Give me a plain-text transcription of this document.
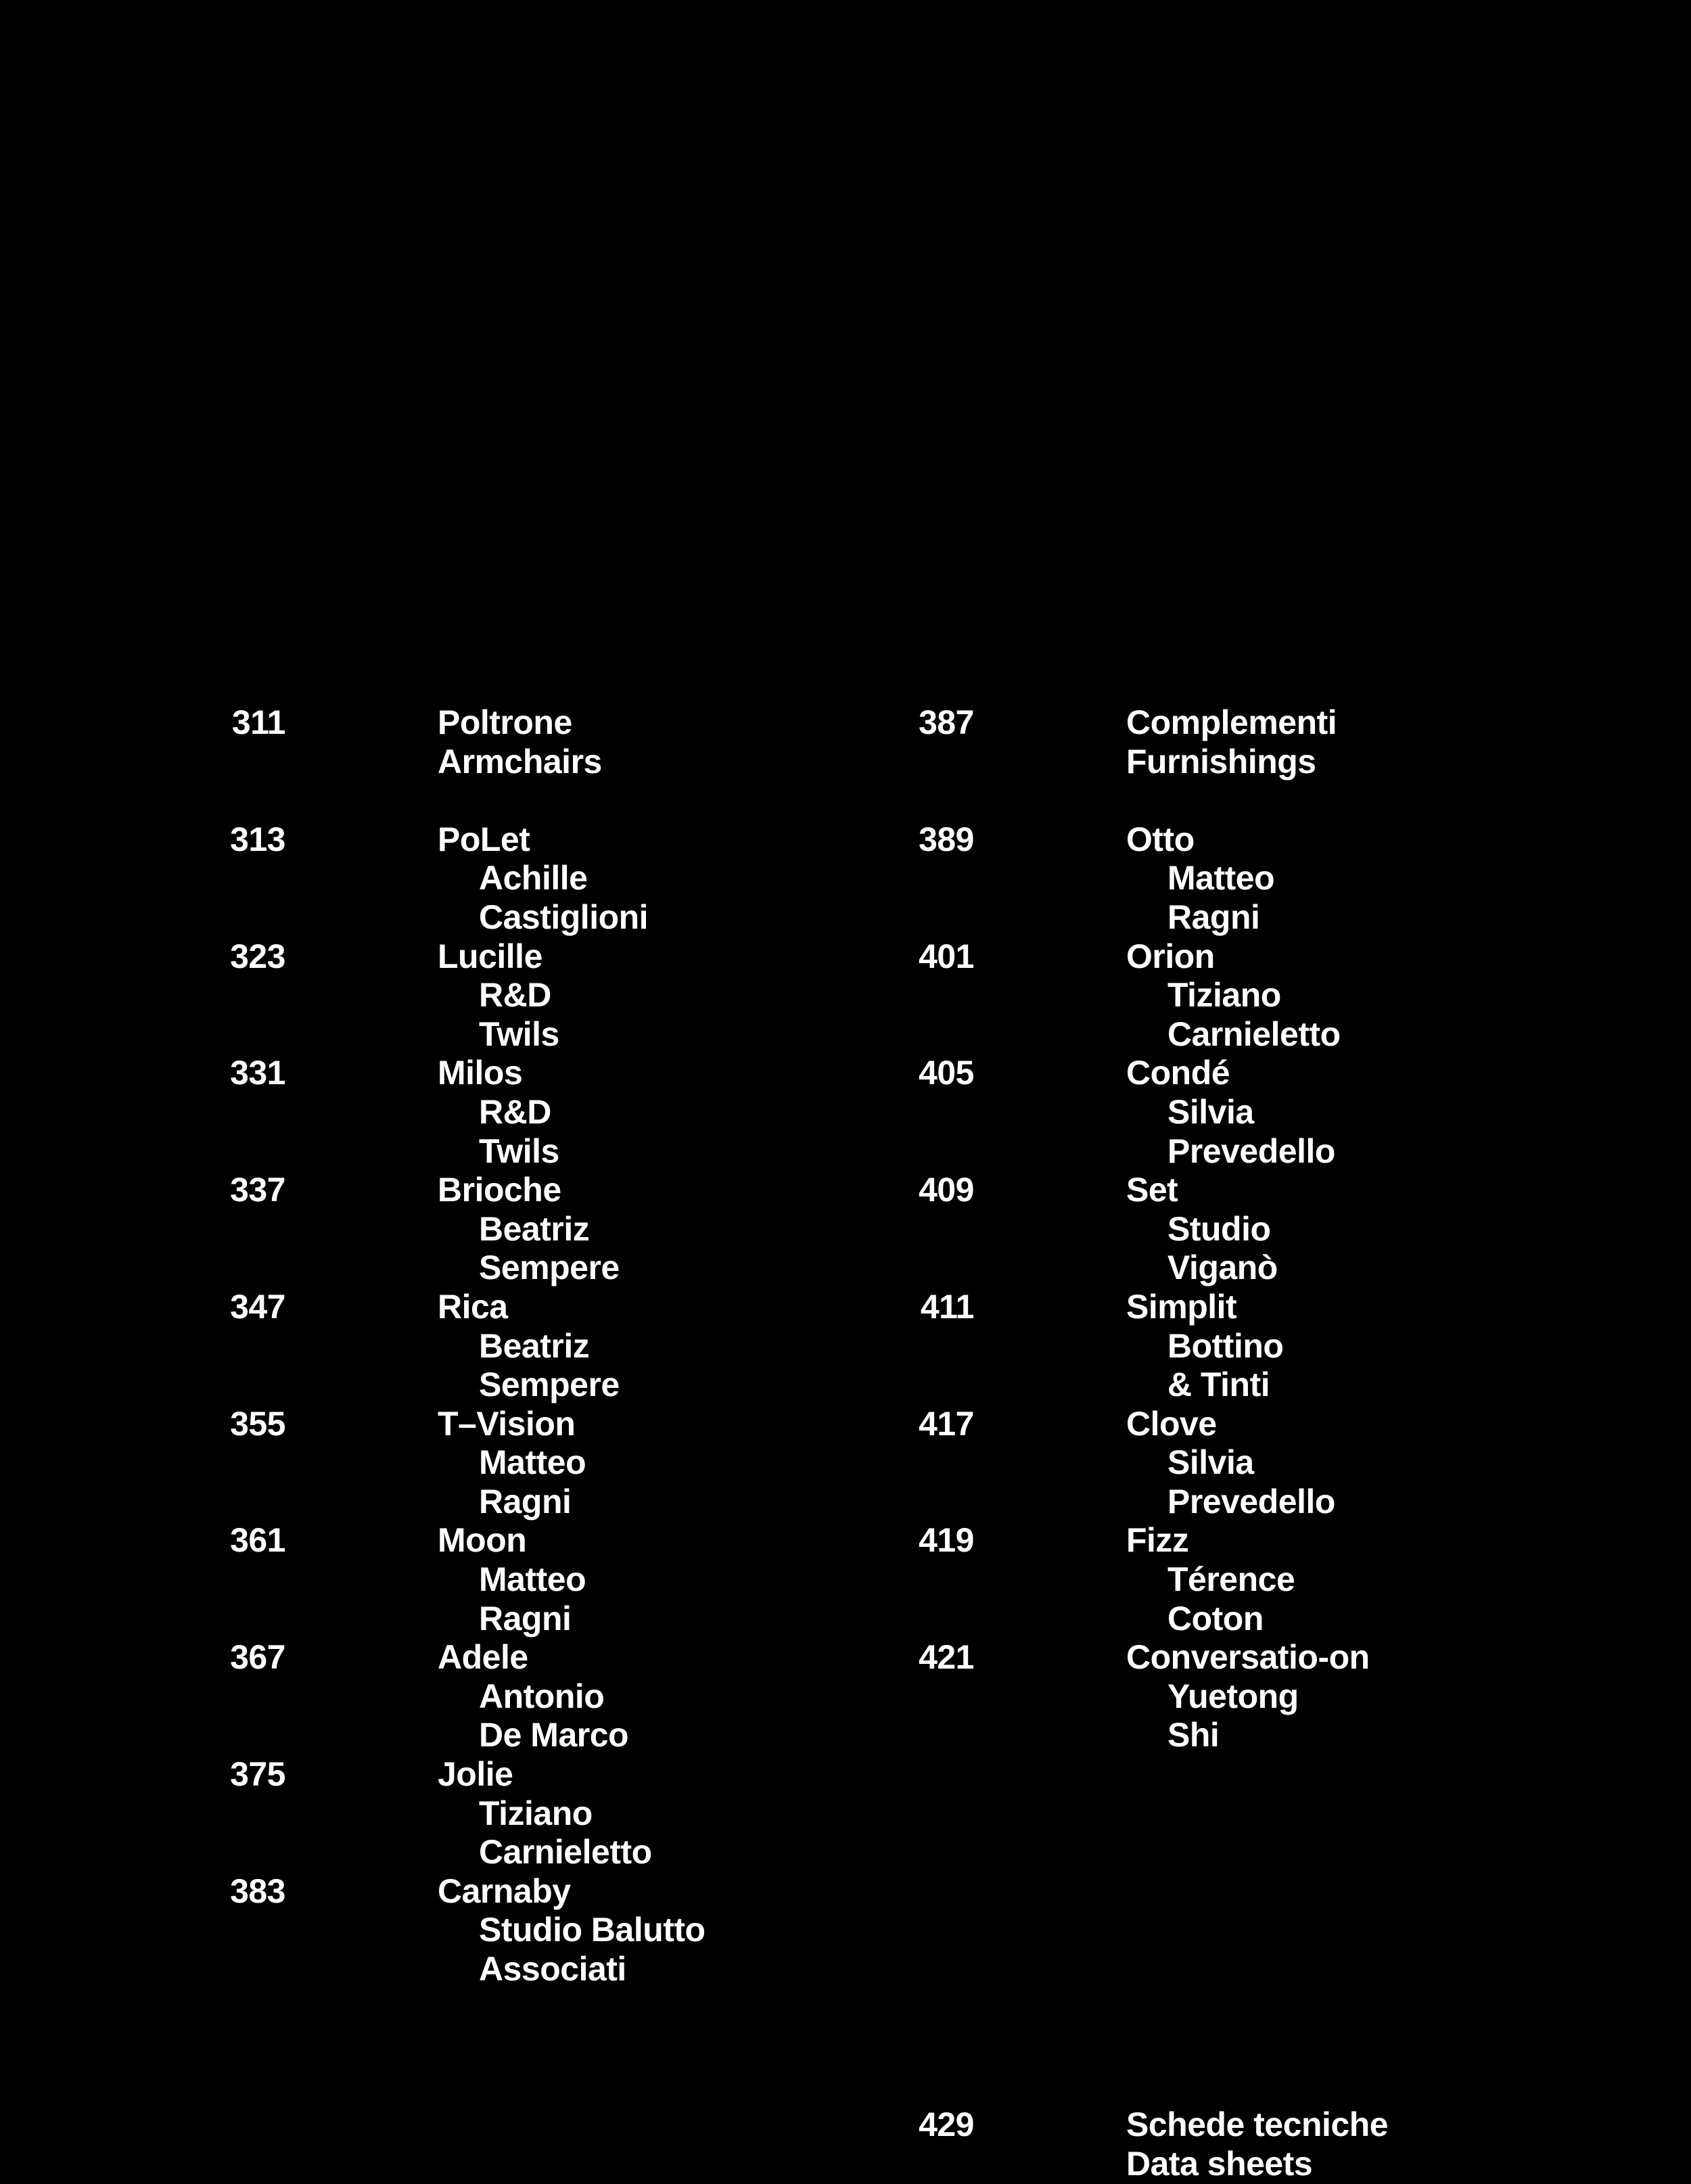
311	Poltrone
Armchairs
313	PoLet
Achille
Castiglioni
323	Lucille
R&D
Twils
331	Milos
R&D
Twils
337	Brioche
Beatriz
Sempere
347	Rica
Beatriz
Sempere
355	T–Vision
Matteo
Ragni
361	Moon
Matteo
Ragni
367	Adele
Antonio
De Marco
375	Jolie
Tiziano
Carnieletto
383	Carnaby
Studio Balutto
Associati
387	Complementi
Furnishings
389	Otto
Matteo
Ragni
401	Orion
Tiziano
Carnieletto
405	Condé
Silvia
Prevedello
409	Set
Studio
Viganò
411	Simplit
Bottino
& Tinti
417	Clove
Silvia
Prevedello
419	Fizz
Térence
Coton
421	Conversatio-on
Yuetong
Shi
429	Schede tecniche
Data sheets
